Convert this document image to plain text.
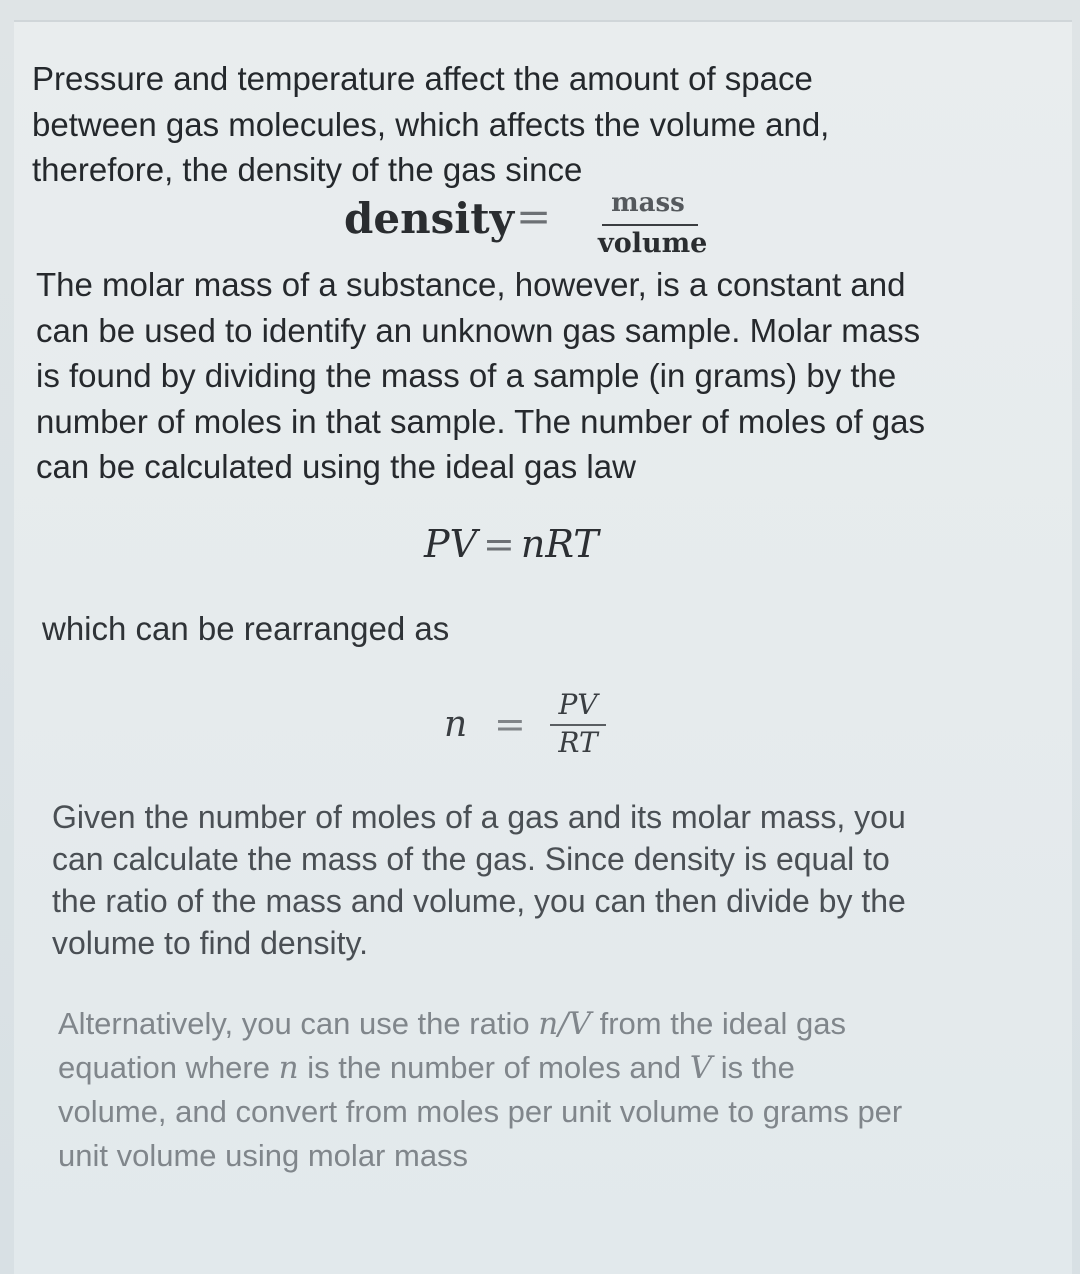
Pressure and temperature affect the amount of space
between gas molecules, which affects the volume and,
therefore, the density of the gas since

density =	mass
volume

The molar mass of a substance, however, is a constant and
can be used to identify an unknown gas sample. Molar mass
is found by dividing the mass of a sample (in grams) by the
number of moles in that sample. The number of moles of gas
can be calculated using the ideal gas law

PV = nRT

which can be rearranged as

n =	PV
RT

Given the number of moles of a gas and its molar mass, you
can calculate the mass of the gas. Since density is equal to
the ratio of the mass and volume, you can then divide by the
volume to find density.

Alternatively, you can use the ratio n/V from the ideal gas
equation where n is the number of moles and V is the
volume, and convert from moles per unit volume to grams per
unit volume using molar mass
